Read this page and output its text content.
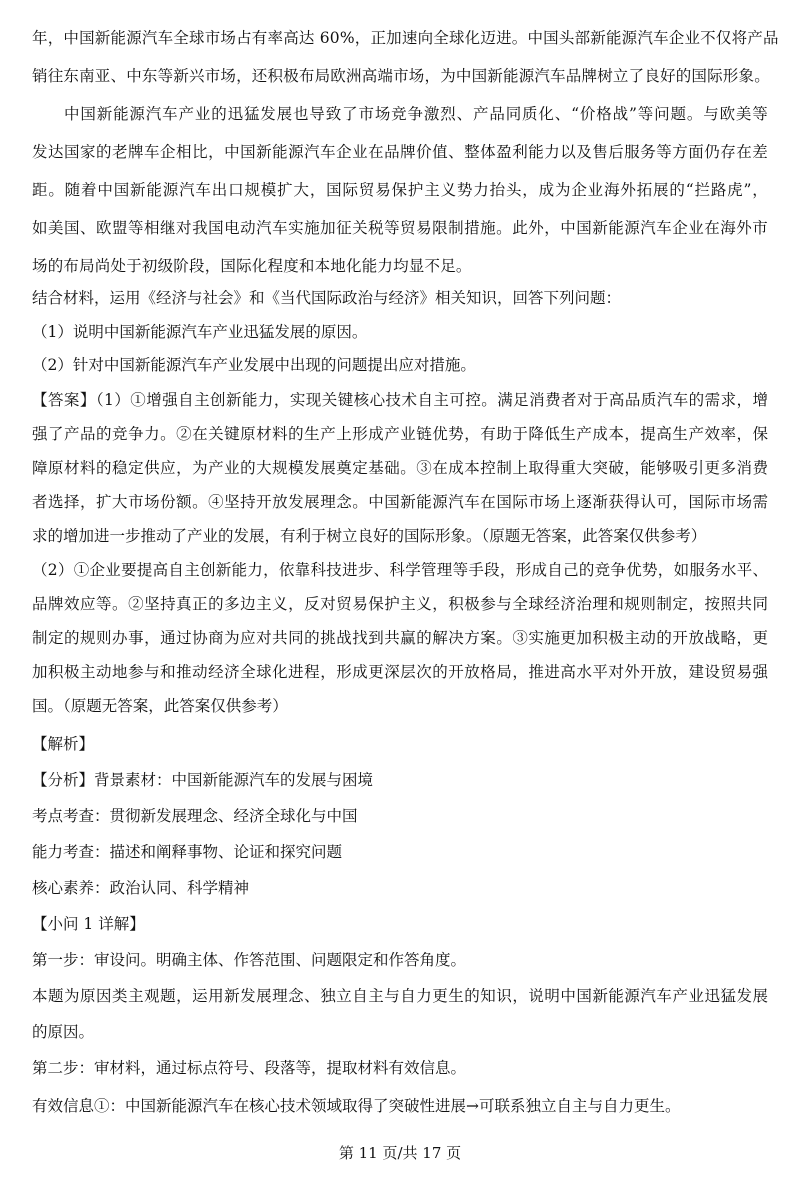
年，中国新能源汽车全球市场占有率高达 60%，正加速向全球化迈进。中国头部新能源汽车企业不仅将产品
销往东南亚、中东等新兴市场，还积极布局欧洲高端市场，为中国新能源汽车品牌树立了良好的国际形象。
中国新能源汽车产业的迅猛发展也导致了市场竞争激烈、产品同质化、“价格战”等问题。与欧美等
发达国家的老牌车企相比，中国新能源汽车企业在品牌价值、整体盈利能力以及售后服务等方面仍存在差
距。随着中国新能源汽车出口规模扩大，国际贸易保护主义势力抬头，成为企业海外拓展的“拦路虎”，
如美国、欧盟等相继对我国电动汽车实施加征关税等贸易限制措施。此外，中国新能源汽车企业在海外市
场的布局尚处于初级阶段，国际化程度和本地化能力均显不足。
结合材料，运用《经济与社会》和《当代国际政治与经济》相关知识，回答下列问题：
（1）说明中国新能源汽车产业迅猛发展的原因。
（2）针对中国新能源汽车产业发展中出现的问题提出应对措施。
【答案】（1）①增强自主创新能力，实现关键核心技术自主可控。满足消费者对于高品质汽车的需求，增
强了产品的竞争力。②在关键原材料的生产上形成产业链优势，有助于降低生产成本，提高生产效率，保
障原材料的稳定供应，为产业的大规模发展奠定基础。③在成本控制上取得重大突破，能够吸引更多消费
者选择，扩大市场份额。④坚持开放发展理念。中国新能源汽车在国际市场上逐渐获得认可，国际市场需
求的增加进一步推动了产业的发展，有利于树立良好的国际形象。（原题无答案，此答案仅供参考）
（2）①企业要提高自主创新能力，依靠科技进步、科学管理等手段，形成自己的竞争优势，如服务水平、
品牌效应等。②坚持真正的多边主义，反对贸易保护主义，积极参与全球经济治理和规则制定，按照共同
制定的规则办事，通过协商为应对共同的挑战找到共赢的解决方案。③实施更加积极主动的开放战略，更
加积极主动地参与和推动经济全球化进程，形成更深层次的开放格局，推进高水平对外开放，建设贸易强
国。（原题无答案，此答案仅供参考）
【解析】
【分析】背景素材：中国新能源汽车的发展与困境
考点考查：贯彻新发展理念、经济全球化与中国
能力考查：描述和阐释事物、论证和探究问题
核心素养：政治认同、科学精神
【小问 1 详解】
第一步：审设问。明确主体、作答范围、问题限定和作答角度。
本题为原因类主观题，运用新发展理念、独立自主与自力更生的知识，说明中国新能源汽车产业迅猛发展
的原因。
第二步：审材料，通过标点符号、段落等，提取材料有效信息。
有效信息①：中国新能源汽车在核心技术领域取得了突破性进展→可联系独立自主与自力更生。
第 11 页/共 17 页
